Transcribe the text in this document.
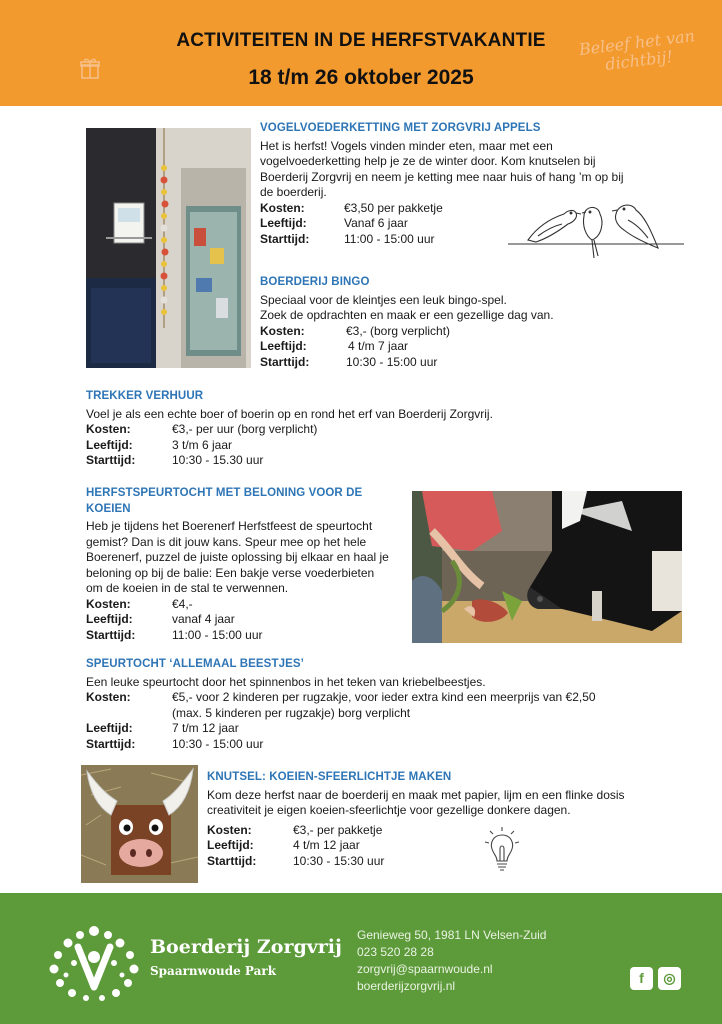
ACTIVITEITEN IN DE HERFSTVAKANTIE
18 t/m 26 oktober 2025
Beleef het van dichtbij!
VOGELVOEDERKETTING MET ZORGVRIJ APPELS

Het is herfst! Vogels vinden minder eten, maar met een

vogelvoederketting help je ze de winter door. Kom knutselen bij

Boerderij Zorgvrij en neem je ketting mee naar huis of hang ’m op bij

de boerderij.

Kosten:	€3,50 per pakketje
Leeftijd:	Vanaf 6 jaar
Starttijd:	11:00 - 15:00 uur
BOERDERIJ BINGO

Speciaal voor de kleintjes een leuk bingo-spel.

Zoek de opdrachten en maak er een gezellige dag van.

Kosten:	€3,- (borg verplicht)
Leeftijd:	4 t/m 7 jaar
Starttijd:	10:30 - 15:00 uur
TREKKER VERHUUR

Voel je als een echte boer of boerin op en rond het erf van Boerderij Zorgvrij.

Kosten:	€3,- per uur (borg verplicht)
Leeftijd:	3 t/m 6 jaar
Starttijd:	10:30 - 15.30 uur
HERFSTSPEURTOCHT MET BELONING VOOR DE KOEIEN

Heb je tijdens het Boerenerf Herfstfeest de speurtocht

gemist? Dan is dit jouw kans. Speur mee op het hele

Boerenerf, puzzel de juiste oplossing bij elkaar en haal je

beloning op bij de balie: Een bakje verse voederbieten

om de koeien in de stal te verwennen.

Kosten:	€4,-
Leeftijd:	vanaf 4 jaar
Starttijd:	11:00 - 15:00 uur
SPEURTOCHT ‘ALLEMAAL BEESTJES’

Een leuke speurtocht door het spinnenbos in het teken van kriebelbeestjes.

Kosten:	€5,- voor 2 kinderen per rugzakje, voor ieder extra kind een meerprijs van €2,50
(max. 5 kinderen per rugzakje) borg verplicht
Leeftijd:	7 t/m 12 jaar
Starttijd:	10:30 - 15:00 uur
KNUTSEL: KOEIEN-SFEERLICHTJE MAKEN

Kom deze herfst naar de boerderij en maak met papier, lijm en een flinke dosis

creativiteit je eigen koeien-sfeerlichtje voor gezellige donkere dagen.

Kosten:	€3,- per pakketje
Leeftijd:	4 t/m 12 jaar
Starttijd:	10:30 - 15:30 uur
Boerderij Zorgvrij
Spaarnwoude Park
Genieweg 50, 1981 LN Velsen-Zuid
023 520 28 28
zorgvrij@spaarnwoude.nl
boerderijzorgvrij.nl	f	◎
